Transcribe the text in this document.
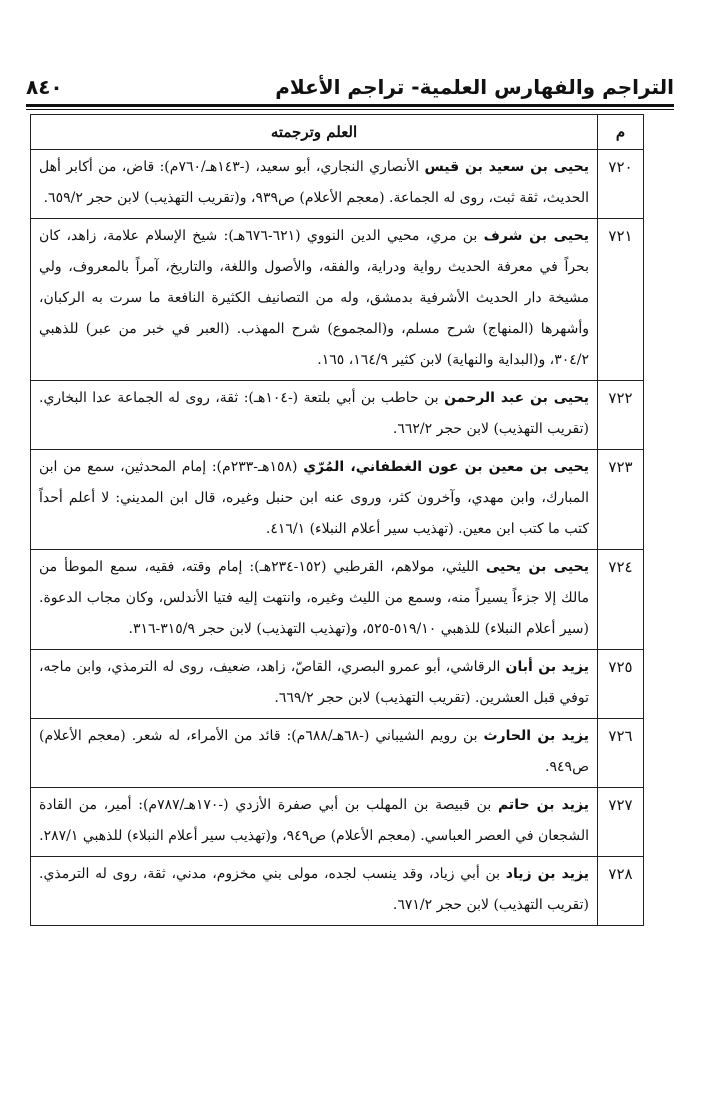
التراجم والفهارس العلمية- تراجم الأعلام
٨٤٠
م	العلم وترجمته
٧٢٠	يحيى بن سعيد بن قيس الأنصاري النجاري، أبو سعيد، (-١٤٣هـ/٧٦٠م): قاض، من أكابر أهل الحديث، ثقة ثبت، روى له الجماعة. (معجم الأعلام) ص٩٣٩، و(تقريب التهذيب) لابن حجر ٦٥٩/٢.
٧٢١	يحيى بن شرف بن مري، محيي الدين النووي (٦٢١-٦٧٦هـ): شيخ الإسلام علامة، زاهد، كان بحراً في معرفة الحديث رواية ودراية، والفقه، والأصول واللغة، والتاريخ، آمراً بالمعروف، ولي مشيخة دار الحديث الأشرفية بدمشق، وله من التصانيف الكثيرة النافعة ما سرت به الركبان، وأشهرها (المنهاج) شرح مسلم، و(المجموع) شرح المهذب. (العبر في خبر من عبر) للذهبي ٣٠٤/٢، و(البداية والنهاية) لابن كثير ١٦٤/٩، ١٦٥.
٧٢٢	يحيى بن عبد الرحمن بن حاطب بن أبي بلتعة (-١٠٤هـ): ثقة، روى له الجماعة عدا البخاري. (تقريب التهذيب) لابن حجر ٦٦٢/٢.
٧٢٣	يحيى بن معين بن عون الغطفاني، المُرّي (١٥٨هـ-٢٣٣م): إمام المحدثين، سمع من ابن المبارك، وابن مهدي، وآخرون كثر، وروى عنه ابن حنبل وغيره، قال ابن المديني: لا أعلم أحداً كتب ما كتب ابن معين. (تهذيب سير أعلام النبلاء) ٤١٦/١.
٧٢٤	يحيى بن يحيى الليثي، مولاهم، القرطبي (١٥٢-٢٣٤هـ): إمام وقته، فقيه، سمع الموطأ من مالك إلا جزءاً يسيراً منه، وسمع من الليث وغيره، وانتهت إليه فتيا الأندلس، وكان مجاب الدعوة. (سير أعلام النبلاء) للذهبي ٥١٩/١٠-٥٢٥، و(تهذيب التهذيب) لابن حجر ٣١٥/٩-٣١٦.
٧٢٥	يزيد بن أبان الرقاشي، أبو عمرو البصري، القاصّ، زاهد، ضعيف، روى له الترمذي، وابن ماجه، توفي قبل العشرين. (تقريب التهذيب) لابن حجر ٦٦٩/٢.
٧٢٦	يزيد بن الحارث بن رويم الشيباني (-٦٨هـ/٦٨٨م): قائد من الأمراء، له شعر. (معجم الأعلام) ص٩٤٩.
٧٢٧	يزيد بن حاتم بن قبيصة بن المهلب بن أبي صفرة الأزدي (-١٧٠هـ/٧٨٧م): أمير، من القادة الشجعان في العصر العباسي. (معجم الأعلام) ص٩٤٩، و(تهذيب سير أعلام النبلاء) للذهبي ٢٨٧/١.
٧٢٨	يزيد بن زياد بن أبي زياد، وقد ينسب لجده، مولى بني مخزوم، مدني، ثقة، روى له الترمذي. (تقريب التهذيب) لابن حجر ٦٧١/٢.
